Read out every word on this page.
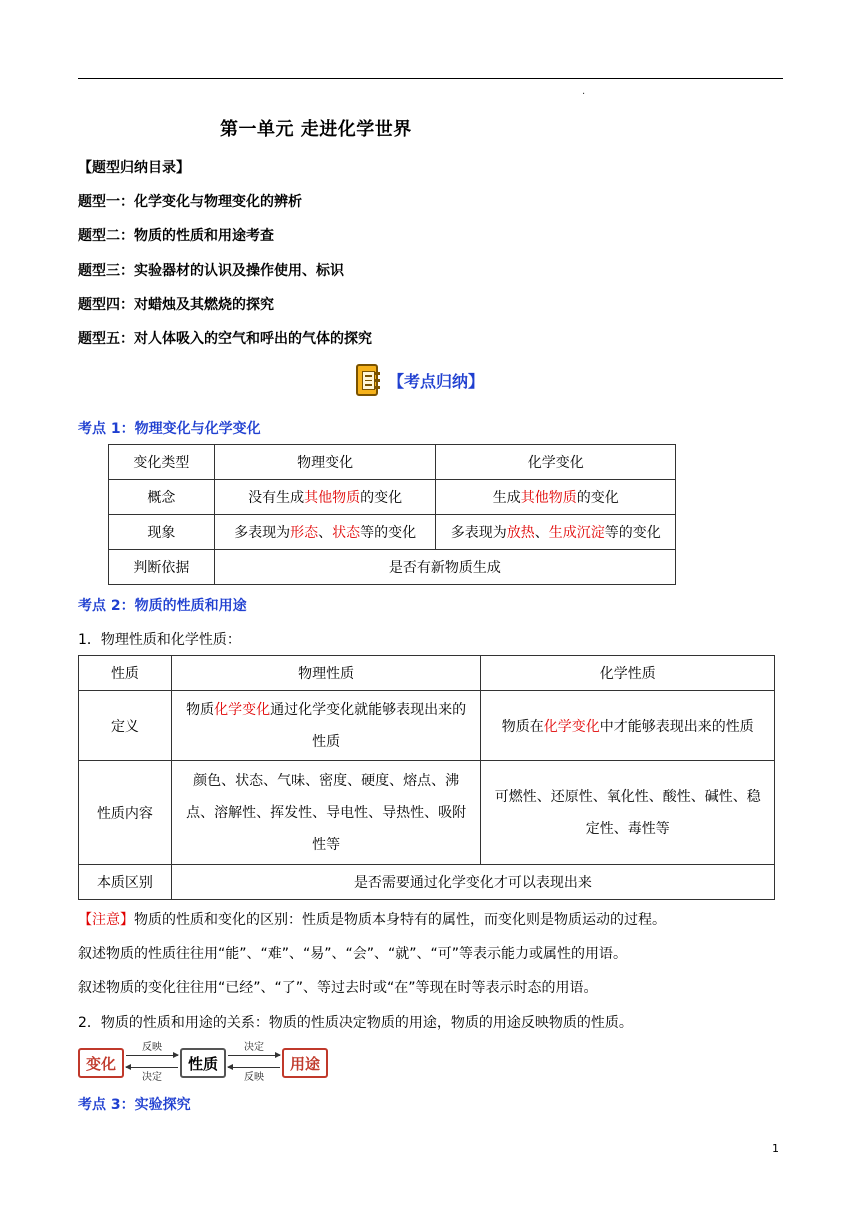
.
第一单元 走进化学世界
【题型归纳目录】
题型一：化学变化与物理变化的辨析
题型二：物质的性质和用途考查
题型三：实验器材的认识及操作使用、标识
题型四：对蜡烛及其燃烧的探究
题型五：对人体吸入的空气和呼出的气体的探究
【考点归纳】
考点 1：物理变化与化学变化
变化类型	物理变化	化学变化
概念	没有生成其他物质的变化	生成其他物质的变化
现象	多表现为形态、状态等的变化	多表现为放热、生成沉淀等的变化
判断依据	是否有新物质生成	
考点 2：物质的性质和用途
1．物理性质和化学性质：
性质	物理性质	化学性质
定义	物质化学变化通过化学变化就能够表现出来的性质	物质在化学变化中才能够表现出来的性质
性质内容	颜色、状态、气味、密度、硬度、熔点、沸点、溶解性、挥发性、导电性、导热性、吸附性等	可燃性、还原性、氧化性、酸性、碱性、稳定性、毒性等
本质区别	是否需要通过化学变化才可以表现出来	
【注意】物质的性质和变化的区别：性质是物质本身特有的属性，而变化则是物质运动的过程。
叙述物质的性质往往用“能”、“难”、“易”、“会”、“就”、“可”等表示能力或属性的用语。
叙述物质的变化往往用“已经”、“了”、等过去时或“在”等现在时等表示时态的用语。
2．物质的性质和用途的关系：物质的性质决定物质的用途，物质的用途反映物质的性质。
变化	性质	用途
反映
决定
决定
反映
考点 3：实验探究
1
